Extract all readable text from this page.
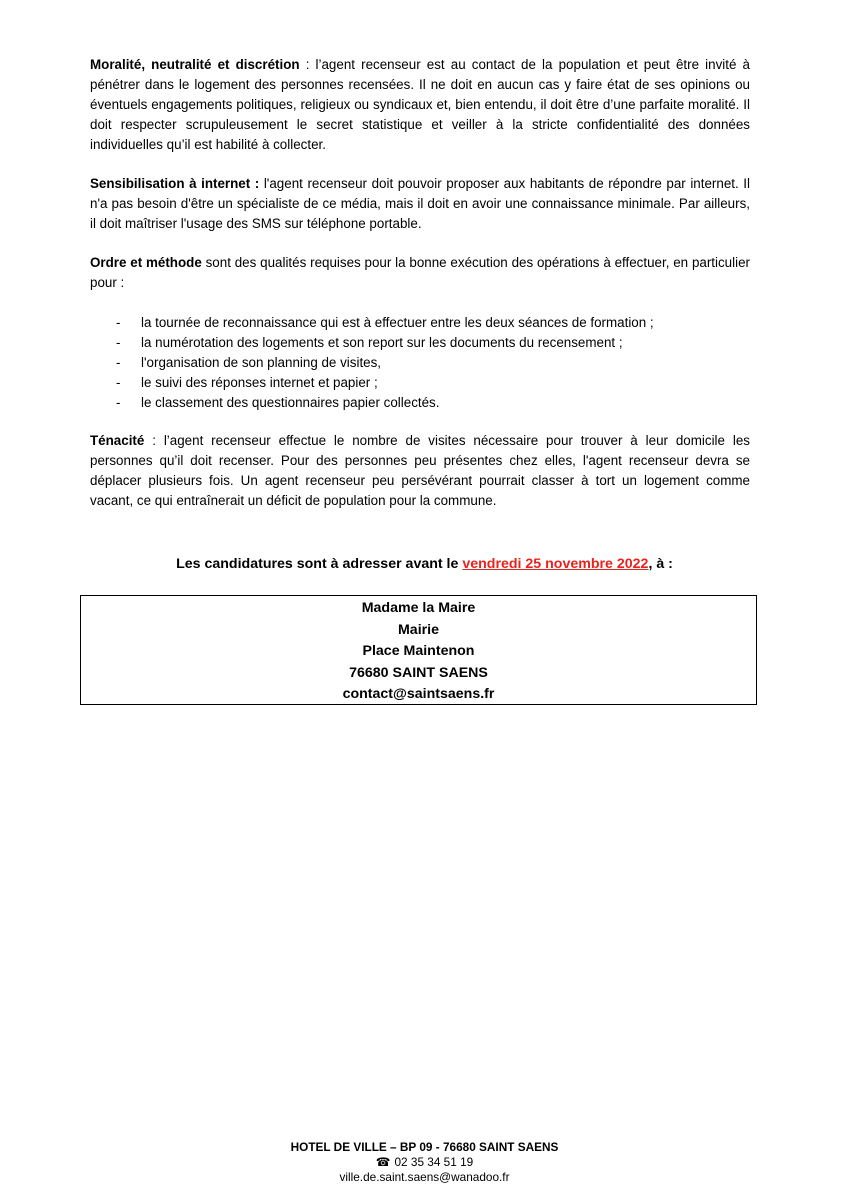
Moralité, neutralité et discrétion : l’agent recenseur est au contact de la population et peut être invité à pénétrer dans le logement des personnes recensées. Il ne doit en aucun cas y faire état de ses opinions ou éventuels engagements politiques, religieux ou syndicaux et, bien entendu, il doit être d’une parfaite moralité. Il doit respecter scrupuleusement le secret statistique et veiller à la stricte confidentialité des données individuelles qu’il est habilité à collecter.

Sensibilisation à internet : l'agent recenseur doit pouvoir proposer aux habitants de répondre par internet. Il n'a pas besoin d'être un spécialiste de ce média, mais il doit en avoir une connaissance minimale. Par ailleurs, il doit maîtriser l'usage des SMS sur téléphone portable.

Ordre et méthode sont des qualités requises pour la bonne exécution des opérations à effectuer, en particulier pour :

- la tournée de reconnaissance qui est à effectuer entre les deux séances de formation ;
- la numérotation des logements et son report sur les documents du recensement ;
- l'organisation de son planning de visites,
- le suivi des réponses internet et papier ;
- le classement des questionnaires papier collectés.

Ténacité : l’agent recenseur effectue le nombre de visites nécessaire pour trouver à leur domicile les personnes qu’il doit recenser. Pour des personnes peu présentes chez elles, l'agent recenseur devra se déplacer plusieurs fois. Un agent recenseur peu persévérant pourrait classer à tort un logement comme vacant, ce qui entraînerait un déficit de population pour la commune.

Les candidatures sont à adresser avant le vendredi 25 novembre 2022, à :
Madame la Maire
Mairie
Place Maintenon
76680 SAINT SAENS
contact@saintsaens.fr
HOTEL DE VILLE – BP 09 - 76680 SAINT SAENS
☎ 02 35 34 51 19
ville.de.saint.saens@wanadoo.fr
